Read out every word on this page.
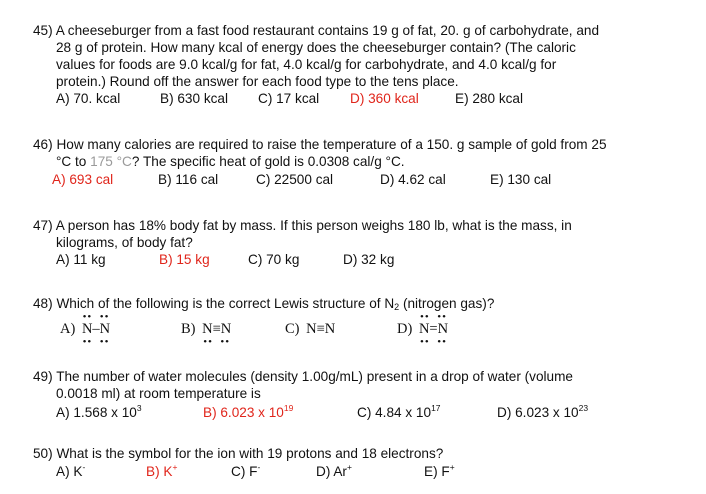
45) A cheeseburger from a fast food restaurant contains 19 g of fat, 20. g of carbohydrate, and
28 g of protein. How many kcal of energy does the cheeseburger contain? (The caloric
values for foods are 9.0 kcal/g for fat, 4.0 kcal/g for carbohydrate, and 4.0 kcal/g for
protein.) Round off the answer for each food type to the tens place.
A) 70. kcal	B) 630 kcal C) 17 kcal D) 360 kcal	E) 280 kcal
46) How many calories are required to raise the temperature of a 150. g sample of gold from 25
°C to 175 °C? The specific heat of gold is 0.0308 cal/g °C.
A) 693 cal	B) 116 cal	C) 22500 cal	D) 4.62 cal	E) 130 cal
47) A person has 18% body fat by mass. If this person weighs 180 lb, what is the mass, in
kilograms, of body fat?
A) 11 kg	B) 15 kg	C) 70 kg	D) 32 kg
48) Which of the following is the correct Lewis structure of $N_2$ (nitrogen gas)?
A)
••  ••
N–N
••  ••
B) N≡N
••  ••
C) N≡N	D)
••  ••
N=N
••  ••
49) The number of water molecules (density 1.00g/mL) present in a drop of water (volume
0.0018 ml) at room temperature is
A) 1.568 x $10^3$	B) 6.023 x $10^{19}$	C) 4.84 x $10^{17}$	D) 6.023 x $10^{23}$
50) What is the symbol for the ion with 19 protons and 18 electrons?
A) K-	B) K+	C) F-	D) Ar+	E) F+
